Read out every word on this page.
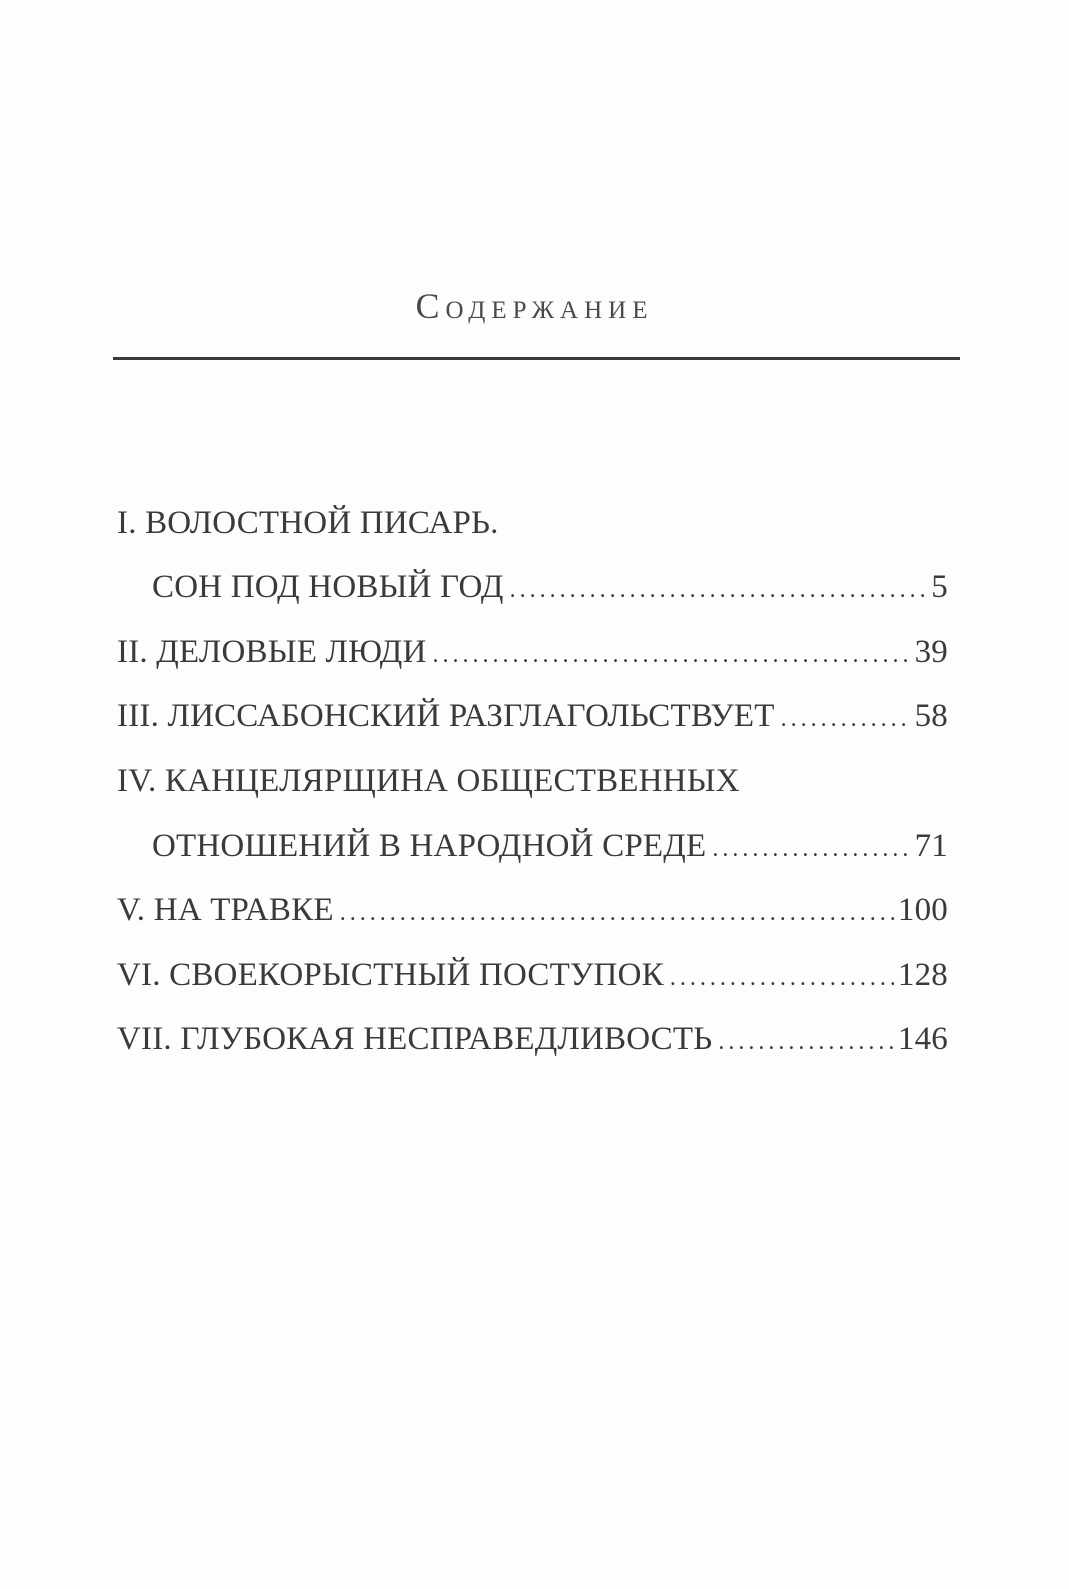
Содержание
I. ВОЛОСТНОЙ ПИСАРЬ.
СОН ПОД НОВЫЙ ГОД . . .	5
II. ДЕЛОВЫЕ ЛЮДИ . . .	39
III. ЛИССАБОНСКИЙ РАЗГЛАГОЛЬСТВУЕТ . . .	58
IV. КАНЦЕЛЯРЩИНА ОБЩЕСТВЕННЫХ
ОТНОШЕНИЙ В НАРОДНОЙ СРЕДЕ . . .	71
V. НА ТРАВКЕ . . .	100
VI. СВОЕКОРЫСТНЫЙ ПОСТУПОК . . .	128
VII. ГЛУБОКАЯ НЕСПРАВЕДЛИВОСТЬ . . .	146
